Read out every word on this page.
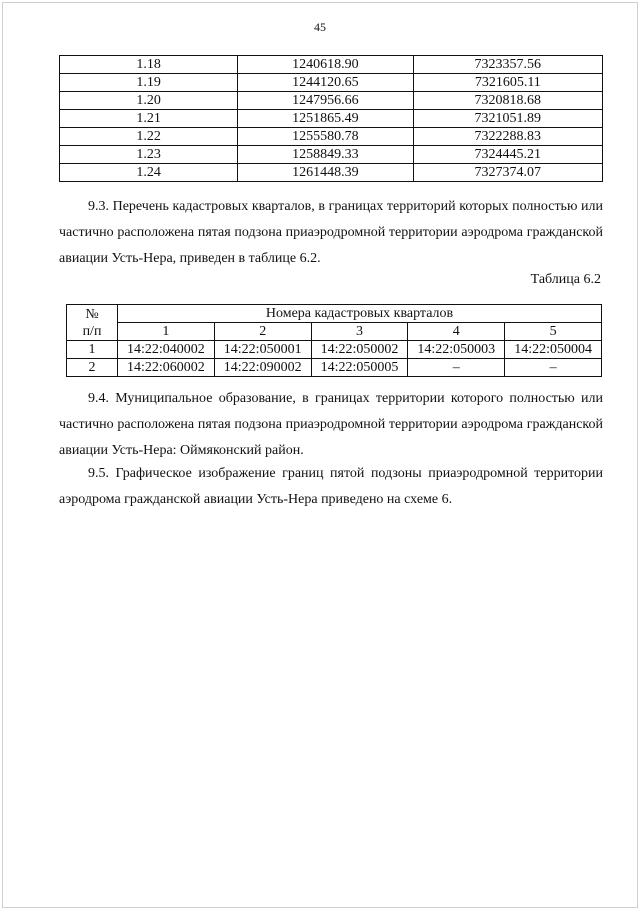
45
1.18	1240618.90	7323357.56
1.19	1244120.65	7321605.11
1.20	1247956.66	7320818.68
1.21	1251865.49	7321051.89
1.22	1255580.78	7322288.83
1.23	1258849.33	7324445.21
1.24	1261448.39	7327374.07

9.3. Перечень кадастровых кварталов, в границах территорий которых полностью или частично расположена пятая подзона приаэродромной территории аэродрома гражданской авиации Усть-Нера, приведен в таблице 6.2.

Таблица 6.2
№
п/п	Номера кадастровых кварталов				
	1	2	3	4	5
1	14:22:040002	14:22:050001	14:22:050002	14:22:050003	14:22:050004
2	14:22:060002	14:22:090002	14:22:050005	–	–

9.4. Муниципальное образование, в границах территории которого полностью или частично расположена пятая подзона приаэродромной территории аэродрома гражданской авиации Усть-Нера: Оймяконский район.

9.5. Графическое изображение границ пятой подзоны приаэродромной территории аэродрома гражданской авиации Усть-Нера приведено на схеме 6.
